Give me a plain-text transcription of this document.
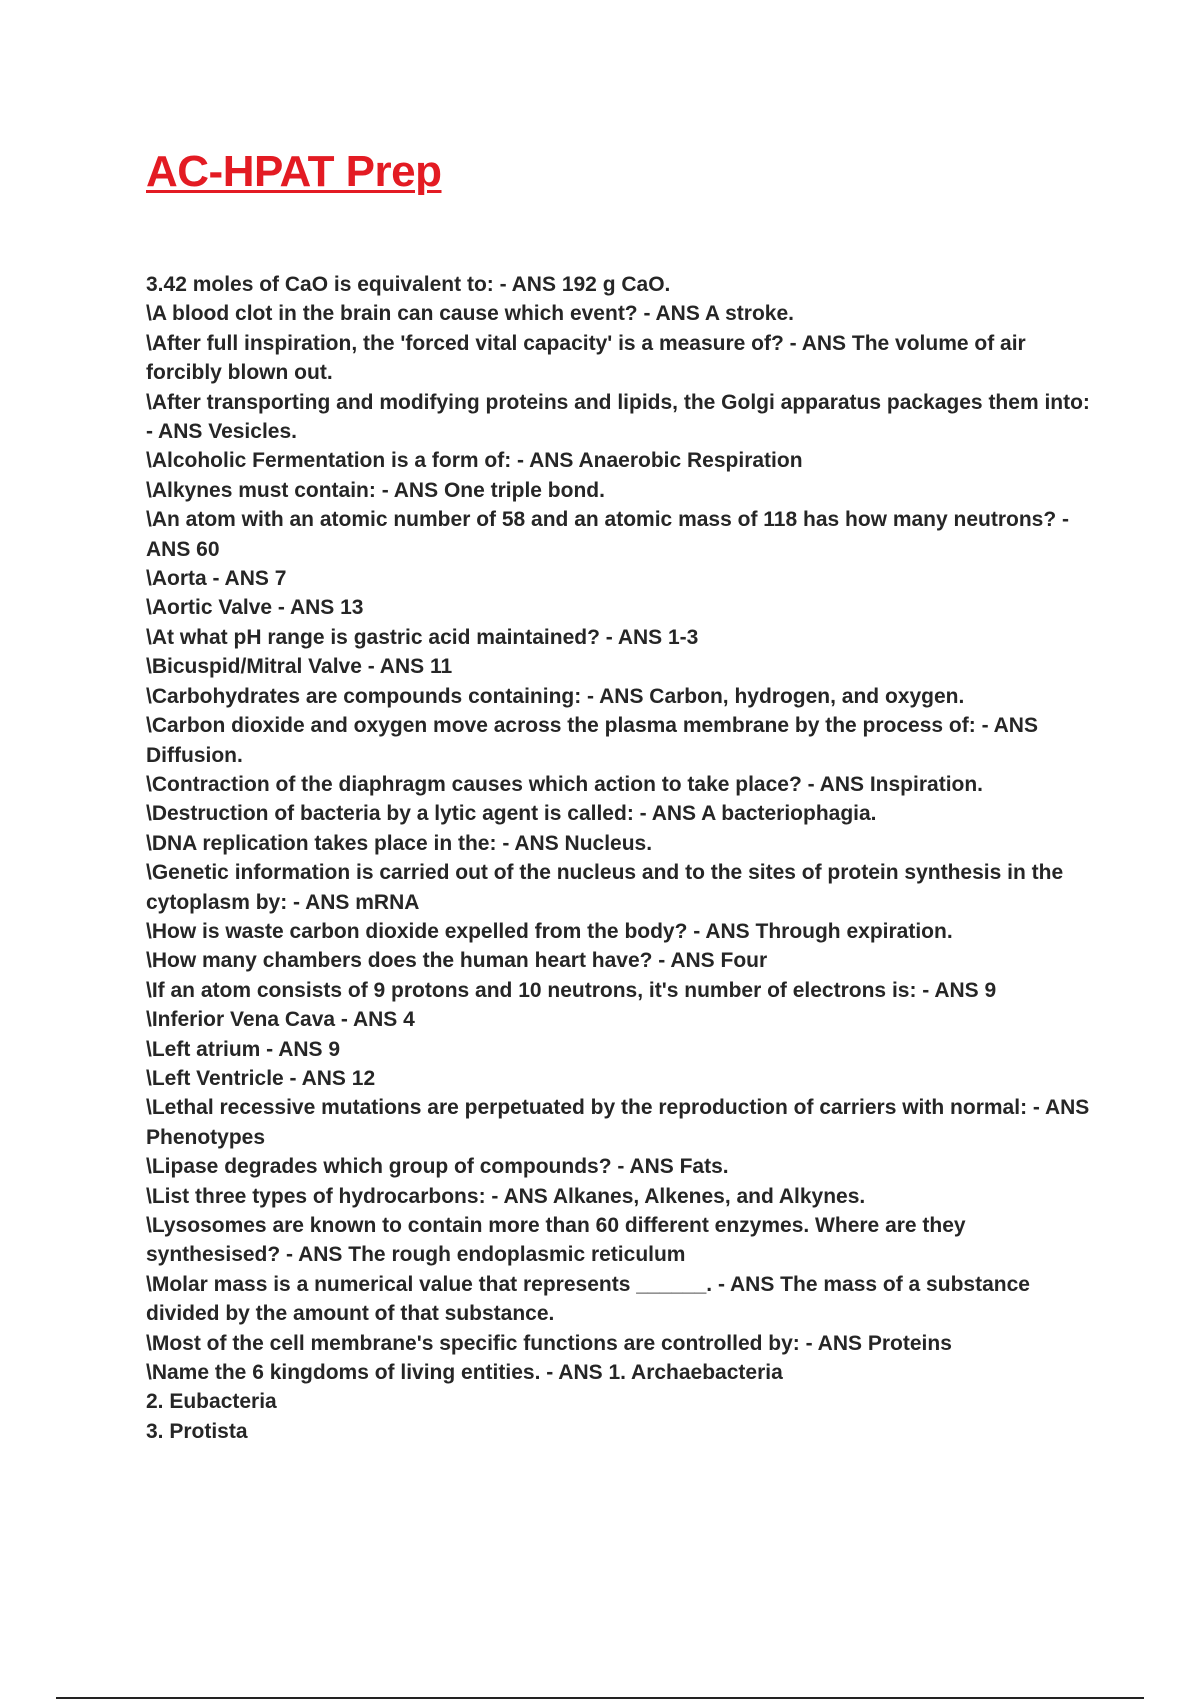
AC-HPAT Prep
3.42 moles of CaO is equivalent to: - ANS 192 g CaO.
\A blood clot in the brain can cause which event? - ANS A stroke.
\After full inspiration, the 'forced vital capacity' is a measure of? - ANS The volume of air forcibly blown out.
\After transporting and modifying proteins and lipids, the Golgi apparatus packages them into: - ANS Vesicles.
\Alcoholic Fermentation is a form of: - ANS Anaerobic Respiration
\Alkynes must contain: - ANS One triple bond.
\An atom with an atomic number of 58 and an atomic mass of 118 has how many neutrons? - ANS 60
\Aorta - ANS 7
\Aortic Valve - ANS 13
\At what pH range is gastric acid maintained? - ANS 1-3
\Bicuspid/Mitral Valve - ANS 11
\Carbohydrates are compounds containing: - ANS Carbon, hydrogen, and oxygen.
\Carbon dioxide and oxygen move across the plasma membrane by the process of: - ANS Diffusion.
\Contraction of the diaphragm causes which action to take place? - ANS Inspiration.
\Destruction of bacteria by a lytic agent is called: - ANS A bacteriophagia.
\DNA replication takes place in the: - ANS Nucleus.
\Genetic information is carried out of the nucleus and to the sites of protein synthesis in the cytoplasm by: - ANS mRNA
\How is waste carbon dioxide expelled from the body? - ANS Through expiration.
\How many chambers does the human heart have? - ANS Four
\If an atom consists of 9 protons and 10 neutrons, it's number of electrons is: - ANS 9
\Inferior Vena Cava - ANS 4
\Left atrium - ANS 9
\Left Ventricle - ANS 12
\Lethal recessive mutations are perpetuated by the reproduction of carriers with normal: - ANS Phenotypes
\Lipase degrades which group of compounds? - ANS Fats.
\List three types of hydrocarbons: - ANS Alkanes, Alkenes, and Alkynes.
\Lysosomes are known to contain more than 60 different enzymes. Where are they synthesised? - ANS The rough endoplasmic reticulum
\Molar mass is a numerical value that represents ______. - ANS The mass of a substance divided by the amount of that substance.
\Most of the cell membrane's specific functions are controlled by: - ANS Proteins
\Name the 6 kingdoms of living entities. - ANS 1. Archaebacteria
2. Eubacteria
3. Protista
